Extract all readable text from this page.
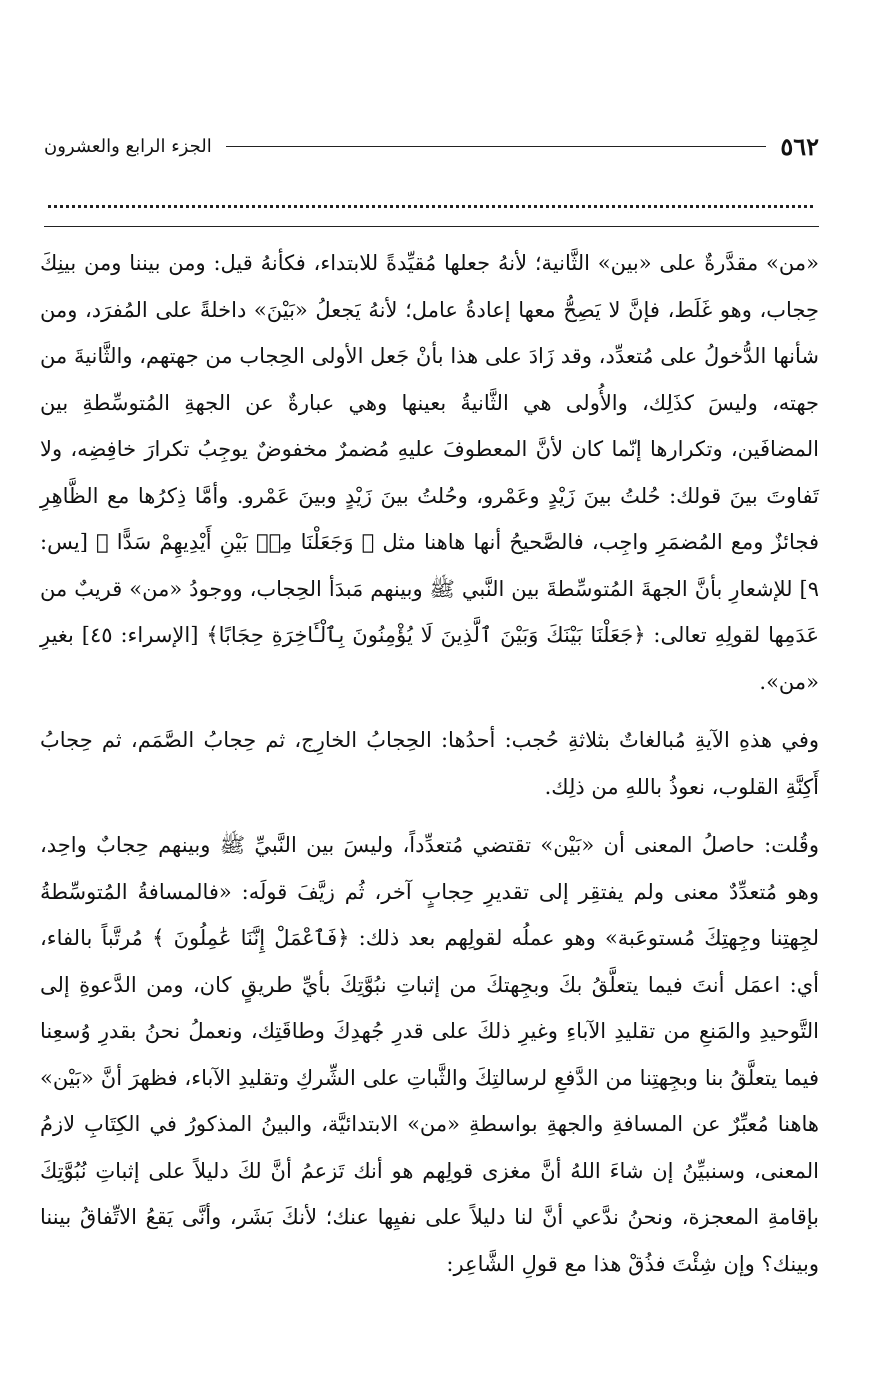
٥٦٢
الجزء الرابع والعشرون

«من» مقدَّرةٌ على «بين» الثَّانية؛ لأنهُ جعلها مُقيِّدةً للابتداء، فكأنهُ قيل: ومن بيننا ومن بينِكَ حِجاب، وهو غَلَط، فإنَّ لا يَصِحُّ معها إعادةُ عامل؛ لأنهُ يَجعلُ «بَيْنَ» داخلةً على المُفرَد، ومن شأنها الدُّخولُ على مُتعدِّد، وقد زَادَ على هذا بأنْ جَعل الأولى الحِجاب من جهتهم، والثَّانيةَ من جهته، وليسَ كذَلِك، والأُولى هي الثَّانيةُ بعينها وهي عبارةٌ عن الجهةِ المُتوسِّطةِ بين المضافَين، وتكرارها إنّما كان لأنَّ المعطوفَ عليهِ مُضمرٌ مخفوضٌ يوجِبُ تكرارَ خافِضِه، ولا تَفاوتَ بينَ قولك: حُلتُ بينَ زَيْدٍ وعَمْرو، وحُلتُ بينَ زَيْدٍ وبينَ عَمْرو. وأمَّا ذِكرُها مع الظَّاهِرِ فجائزٌ ومع المُضمَرِ واجِب، فالصَّحيحُ أنها هاهنا مثل ﴿ وَجَعَلْنَا مِنۢ بَيْنِ أَيْدِيهِمْ سَدًّا ﴾ [يس: ٩] للإشعارِ بأنَّ الجهةَ المُتوسِّطةَ بين النَّبي ﷺ وبينهم مَبدَأ الحِجاب، ووجودُ «من» قريبٌ من عَدَمِها لقولِهِ تعالى: ﴿جَعَلْنَا بَيْنَكَ وَبَيْنَ ٱلَّذِينَ لَا يُؤْمِنُونَ بِٱلْـَٔاخِرَةِ حِجَابًا﴾ [الإسراء: ٤٥] بغيرِ «من».

وفي هذهِ الآيةِ مُبالغاتٌ بثلاثةِ حُجب: أحدُها: الحِجابُ الخارِج، ثم حِجابُ الصَّمَم، ثم حِجابُ أَكِنَّةِ القلوب، نعوذُ باللهِ من ذلِك.

وقُلت: حاصلُ المعنى أن «بَيْن» تقتضي مُتعدِّداً، وليسَ بين النَّبيِّ ﷺ وبينهم حِجابٌ واحِد، وهو مُتعدِّدٌ معنى ولم يفتقِر إلى تقديرِ حِجابٍ آخر، ثُم زيَّفَ قولَه: «فالمسافةُ المُتوسِّطةُ لجِهتِنا وجِهتِكَ مُستوعَبة» وهو عملُه لقولِهم بعد ذلك: ﴿فَٱعْمَلْ إِنَّنَا عَٰمِلُونَ ﴾ مُرتَّباً بالفاء، أي: اعمَل أنتَ فيما يتعلَّقُ بكَ وبجِهتكَ من إثباتِ نبُوَّتِكَ بأيِّ طريقٍ كان، ومن الدَّعوةِ إلى التَّوحيدِ والمَنعِ من تقليدِ الآباءِ وغيرِ ذلكَ على قدرِ جُهدِكَ وطاقَتِك، ونعملُ نحنُ بقدرِ وُسعِنا فيما يتعلَّقُ بنا وبجِهتِنا من الدَّفعِ لرسالتِكَ والثَّباتِ على الشِّركِ وتقليدِ الآباء، فظهرَ أنَّ «بَيْن» هاهنا مُعبِّرٌ عن المسافةِ والجهةِ بواسطةِ «من» الابتدائيَّة، والبينُ المذكورُ في الكِتَابِ لازمُ المعنى، وسنبيِّنُ إن شاءَ اللهُ أنَّ مغزى قولِهم هو أنك تَزعمُ أنَّ لكَ دليلاً على إثباتِ نُبُوَّتِكَ بإقامةِ المعجزة، ونحنُ ندَّعي أنَّ لنا دليلاً على نفيِها عنك؛ لأنكَ بَشَر، وأنَّى يَقعُ الاتِّفاقُ بيننا وبينك؟ وإن شِئْتَ فذُقْ هذا مع قولِ الشَّاعِر:
